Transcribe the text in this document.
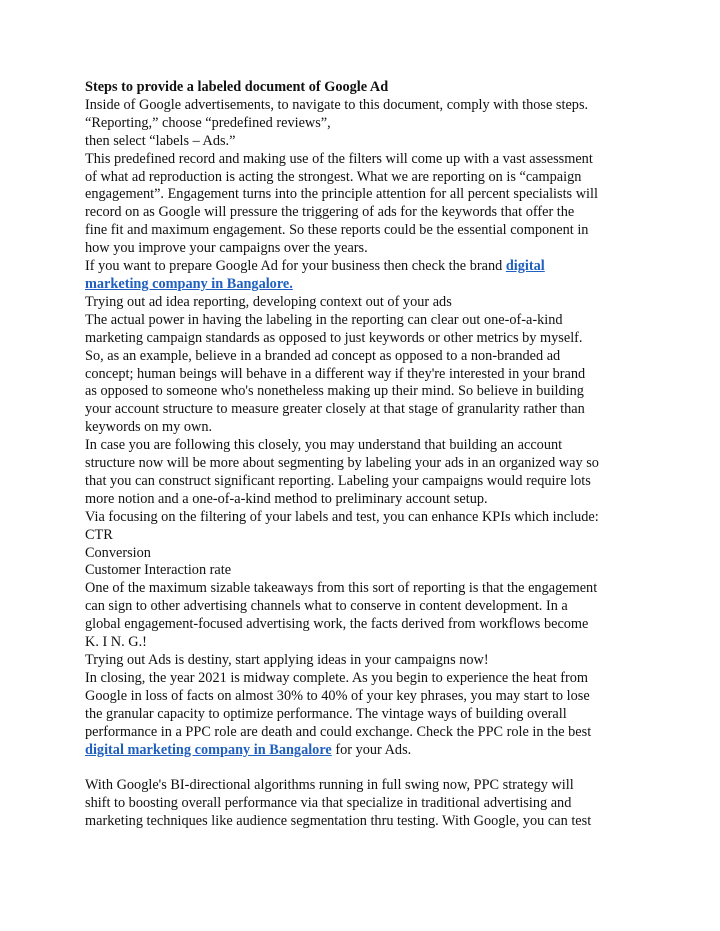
Steps to provide a labeled document of Google Ad

Inside of Google advertisements, to navigate to this document, comply with those steps.

“Reporting,” choose “predefined reviews”,

then select “labels – Ads.”

This predefined record and making use of the filters will come up with a vast assessment

of what ad reproduction is acting the strongest. What we are reporting on is “campaign

engagement”. Engagement turns into the principle attention for all percent specialists will

record on as Google will pressure the triggering of ads for the keywords that offer the

fine fit and maximum engagement. So these reports could be the essential component in

how you improve your campaigns over the years.

If you want to prepare Google Ad for your business then check the brand digital

marketing company in Bangalore.

Trying out ad idea reporting, developing context out of your ads

The actual power in having the labeling in the reporting can clear out one-of-a-kind

marketing campaign standards as opposed to just keywords or other metrics by myself.

So, as an example, believe in a branded ad concept as opposed to a non-branded ad

concept; human beings will behave in a different way if they're interested in your brand

as opposed to someone who's nonetheless making up their mind. So believe in building

your account structure to measure greater closely at that stage of granularity rather than

keywords on my own.

In case you are following this closely, you may understand that building an account

structure now will be more about segmenting by labeling your ads in an organized way so

that you can construct significant reporting. Labeling your campaigns would require lots

more notion and a one-of-a-kind method to preliminary account setup.

Via focusing on the filtering of your labels and test, you can enhance KPIs which include:

CTR

Conversion

Customer Interaction rate

One of the maximum sizable takeaways from this sort of reporting is that the engagement

can sign to other advertising channels what to conserve in content development. In a

global engagement-focused advertising work, the facts derived from workflows become

K. I N. G.!

Trying out Ads is destiny, start applying ideas in your campaigns now!

In closing, the year 2021 is midway complete. As you begin to experience the heat from

Google in loss of facts on almost 30% to 40% of your key phrases, you may start to lose

the granular capacity to optimize performance. The vintage ways of building overall

performance in a PPC role are death and could exchange. Check the PPC role in the best

digital marketing company in Bangalore for your Ads.

With Google's BI-directional algorithms running in full swing now, PPC strategy will

shift to boosting overall performance via that specialize in traditional advertising and

marketing techniques like audience segmentation thru testing. With Google, you can test
